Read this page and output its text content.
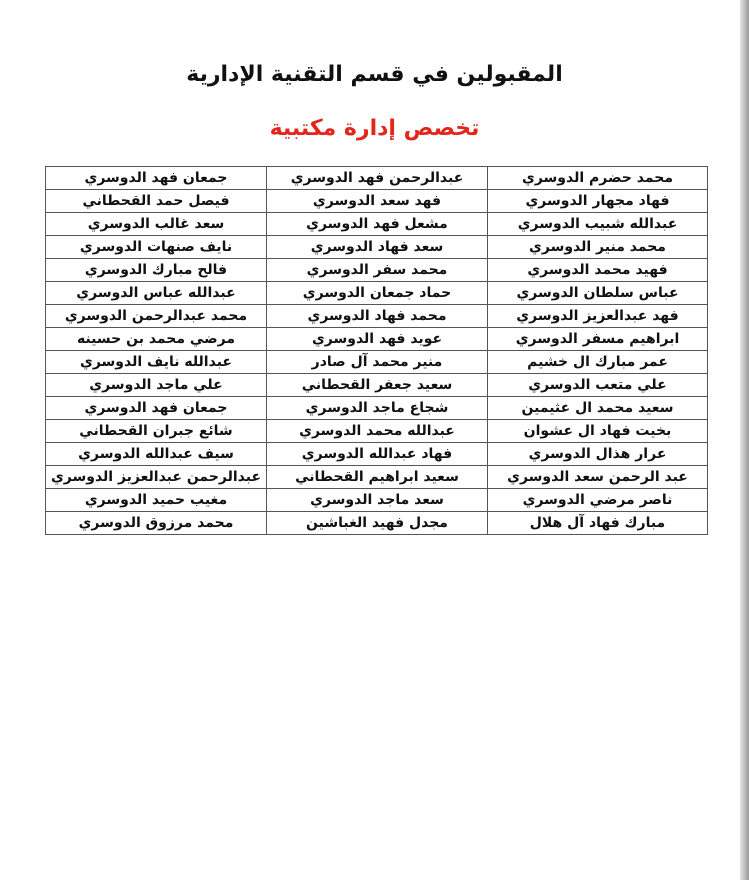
المقبولين في قسم التقنية الإدارية
تخصص إدارة مكتبية
محمد حضرم الدوسري	عبدالرحمن فهد الدوسري	جمعان فهد الدوسري
فهاد مجهار الدوسري	فهد سعد الدوسري	فيصل حمد القحطاني
عبدالله شبيب الدوسري	مشعل فهد الدوسري	سعد غالب الدوسري
محمد منير الدوسري	سعد فهاد الدوسري	نايف صنهات الدوسري
فهيد محمد الدوسري	محمد سفر الدوسري	فالح مبارك الدوسري
عباس سلطان الدوسري	حماد جمعان الدوسري	عبدالله عباس الدوسري
فهد عبدالعزيز الدوسري	محمد فهاد الدوسري	محمد عبدالرحمن الدوسري
ابراهيم مسفر الدوسري	عويد فهد الدوسري	مرضي محمد بن حسينه
عمر مبارك ال خشيم	منير محمد آل صادر	عبدالله نايف الدوسري
علي متعب الدوسري	سعيد جعفر القحطاني	علي ماجد الدوسري
سعيد محمد ال عثيمين	شجاع ماجد الدوسري	جمعان فهد الدوسري
بخيت فهاد ال عشوان	عبدالله محمد الدوسري	شائع جبران القحطاني
عرار هذال الدوسري	فهاد عبدالله الدوسري	سيف عبدالله الدوسري
عبد الرحمن سعد الدوسري	سعيد ابراهيم القحطاني	عبدالرحمن عبدالعزيز الدوسري
ناصر مرضي الدوسري	سعد ماجد الدوسري	مغيب حميد الدوسري
مبارك فهاد آل هلال	مجدل فهيد الغباشين	محمد مرزوق الدوسري
